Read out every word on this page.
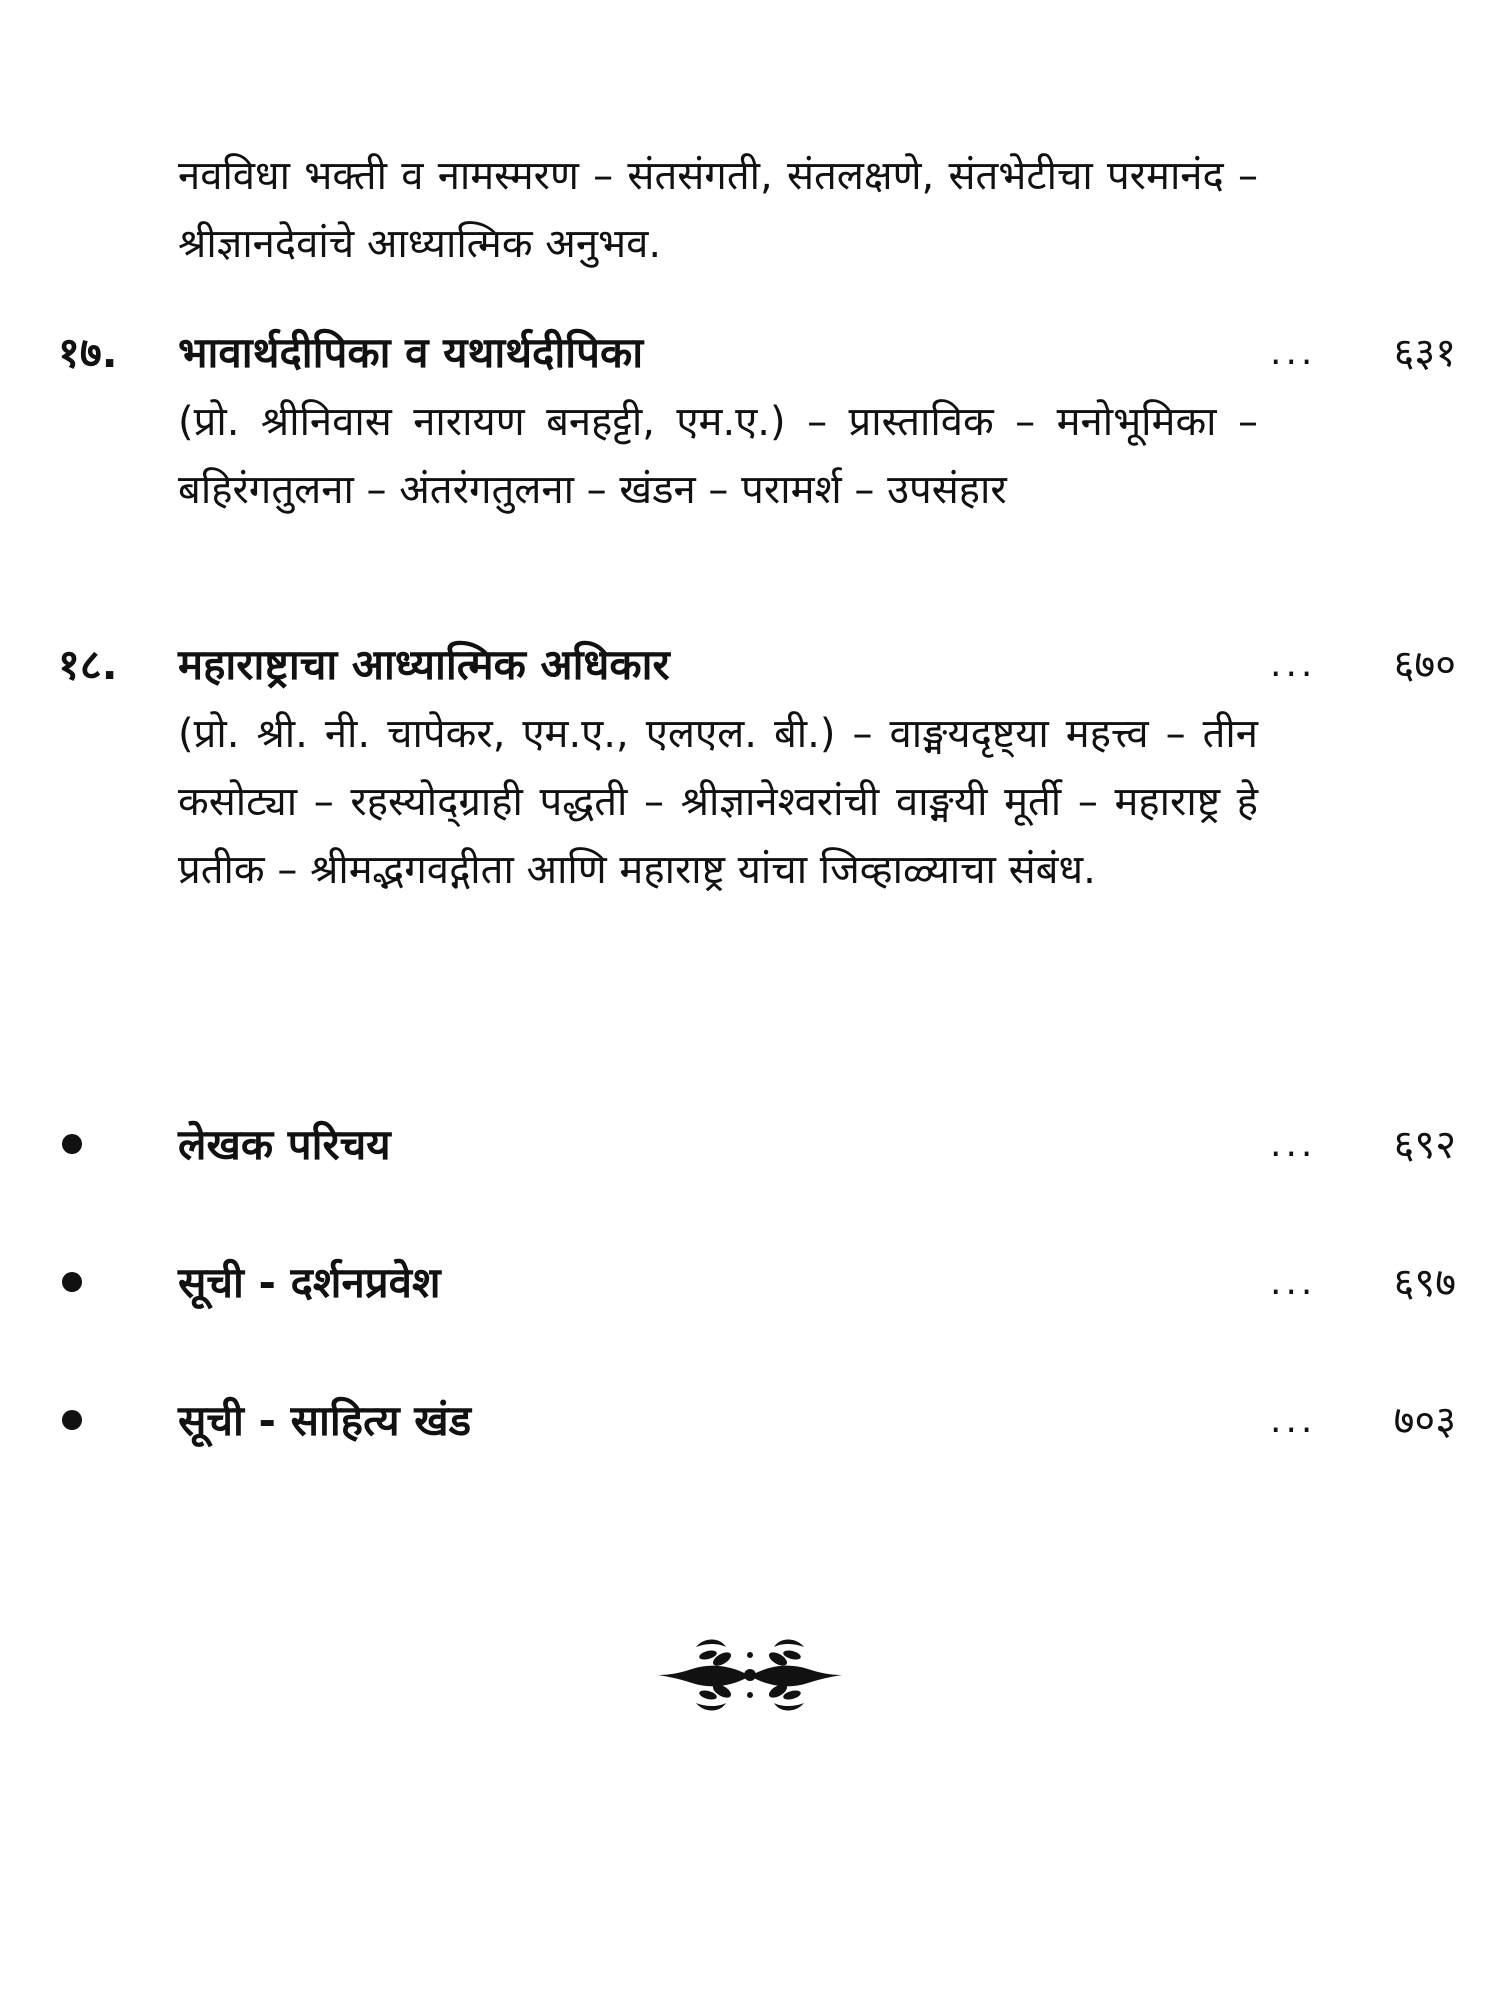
नवविधा भक्ती व नामस्मरण – संतसंगती, संतलक्षणे, संतभेटीचा परमानंद – श्रीज्ञानदेवांचे आध्यात्मिक अनुभव.
१७. भावार्थदीपिका व यथार्थदीपिका	... ६३१
(प्रो. श्रीनिवास नारायण बनहट्टी, एम.ए.) – प्रास्ताविक – मनोभूमिका – बहिरंगतुलना – अंतरंगतुलना – खंडन – परामर्श – उपसंहार
१८. महाराष्ट्राचा आध्यात्मिक अधिकार	... ६७०
(प्रो. श्री. नी. चापेकर, एम.ए., एलएल. बी.) – वाङ्मयदृष्ट्या महत्त्व – तीन कसोट्या – रहस्योद्ग्राही पद्धती – श्रीज्ञानेश्वरांची वाङ्मयी मूर्ती – महाराष्ट्र हे प्रतीक – श्रीमद्भगवद्गीता आणि महाराष्ट्र यांचा जिव्हाळ्याचा संबंध.
लेखक परिचय	... ६९२
सूची - दर्शनप्रवेश	... ६९७
सूची - साहित्य खंड	... ७०३
